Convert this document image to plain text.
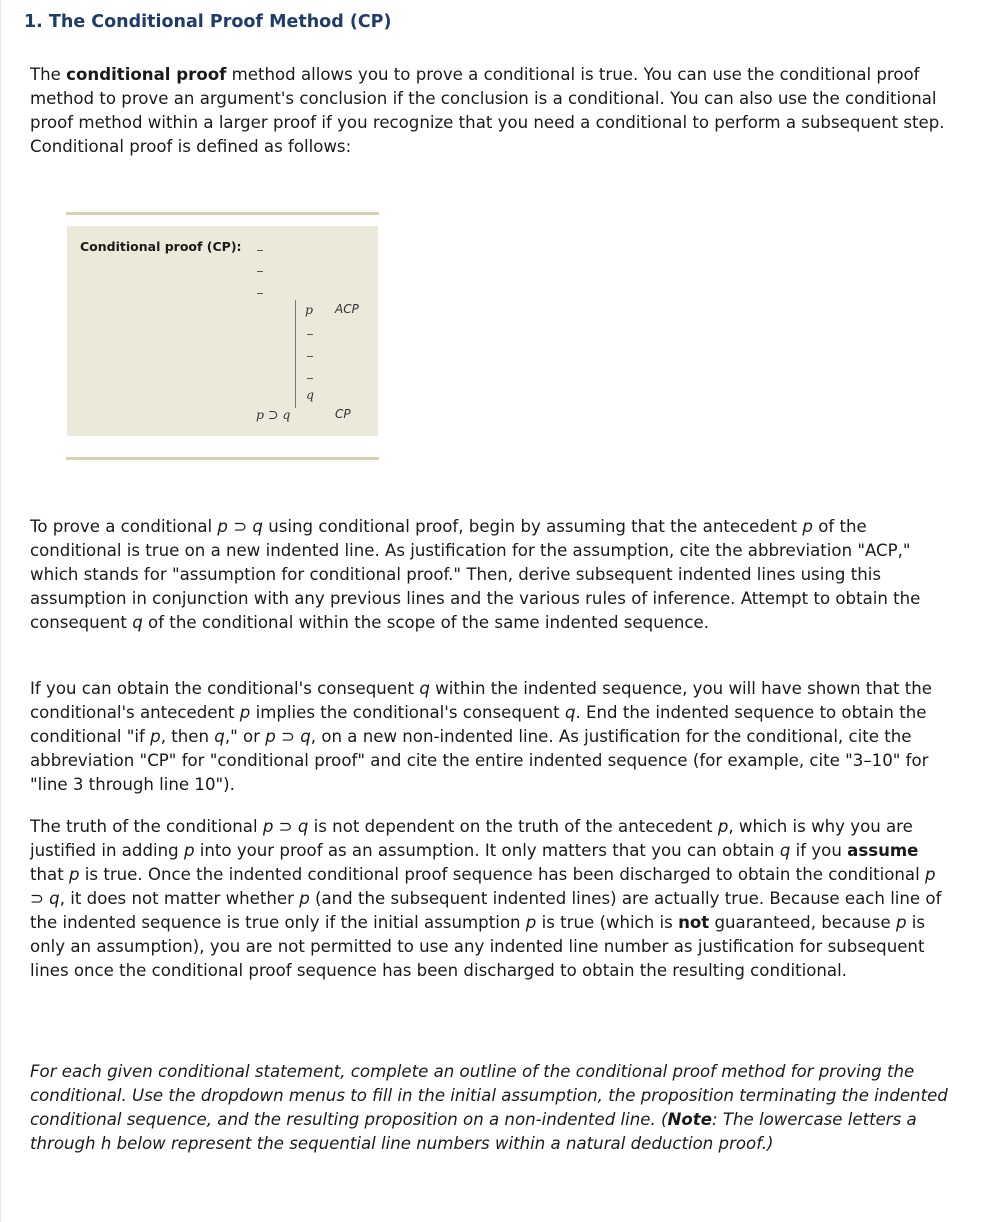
1. The Conditional Proof Method (CP)

The conditional proof method allows you to prove a conditional is true. You can use the conditional proof method to prove an argument's conclusion if the conclusion is a conditional. You can also use the conditional proof method within a larger proof if you recognize that you need a conditional to perform a subsequent step. Conditional proof is defined as follows:

Conditional proof (CP):
p ACP
q
p ⊃ q	CP

To prove a conditional p ⊃ q using conditional proof, begin by assuming that the antecedent p of the conditional is true on a new indented line. As justification for the assumption, cite the abbreviation "ACP," which stands for "assumption for conditional proof." Then, derive subsequent indented lines using this assumption in conjunction with any previous lines and the various rules of inference. Attempt to obtain the consequent q of the conditional within the scope of the same indented sequence.

If you can obtain the conditional's consequent q within the indented sequence, you will have shown that the conditional's antecedent p implies the conditional's consequent q. End the indented sequence to obtain the conditional "if p, then q," or p ⊃ q, on a new non-indented line. As justification for the conditional, cite the abbreviation "CP" for "conditional proof" and cite the entire indented sequence (for example, cite "3–10" for "line 3 through line 10").

The truth of the conditional p ⊃ q is not dependent on the truth of the antecedent p, which is why you are justified in adding p into your proof as an assumption. It only matters that you can obtain q if you assume that p is true. Once the indented conditional proof sequence has been discharged to obtain the conditional p ⊃ q, it does not matter whether p (and the subsequent indented lines) are actually true. Because each line of the indented sequence is true only if the initial assumption p is true (which is not guaranteed, because p is only an assumption), you are not permitted to use any indented line number as justification for subsequent lines once the conditional proof sequence has been discharged to obtain the resulting conditional.

For each given conditional statement, complete an outline of the conditional proof method for proving the conditional. Use the dropdown menus to fill in the initial assumption, the proposition terminating the indented conditional sequence, and the resulting proposition on a non-indented line. (Note: The lowercase letters a through h below represent the sequential line numbers within a natural deduction proof.)
